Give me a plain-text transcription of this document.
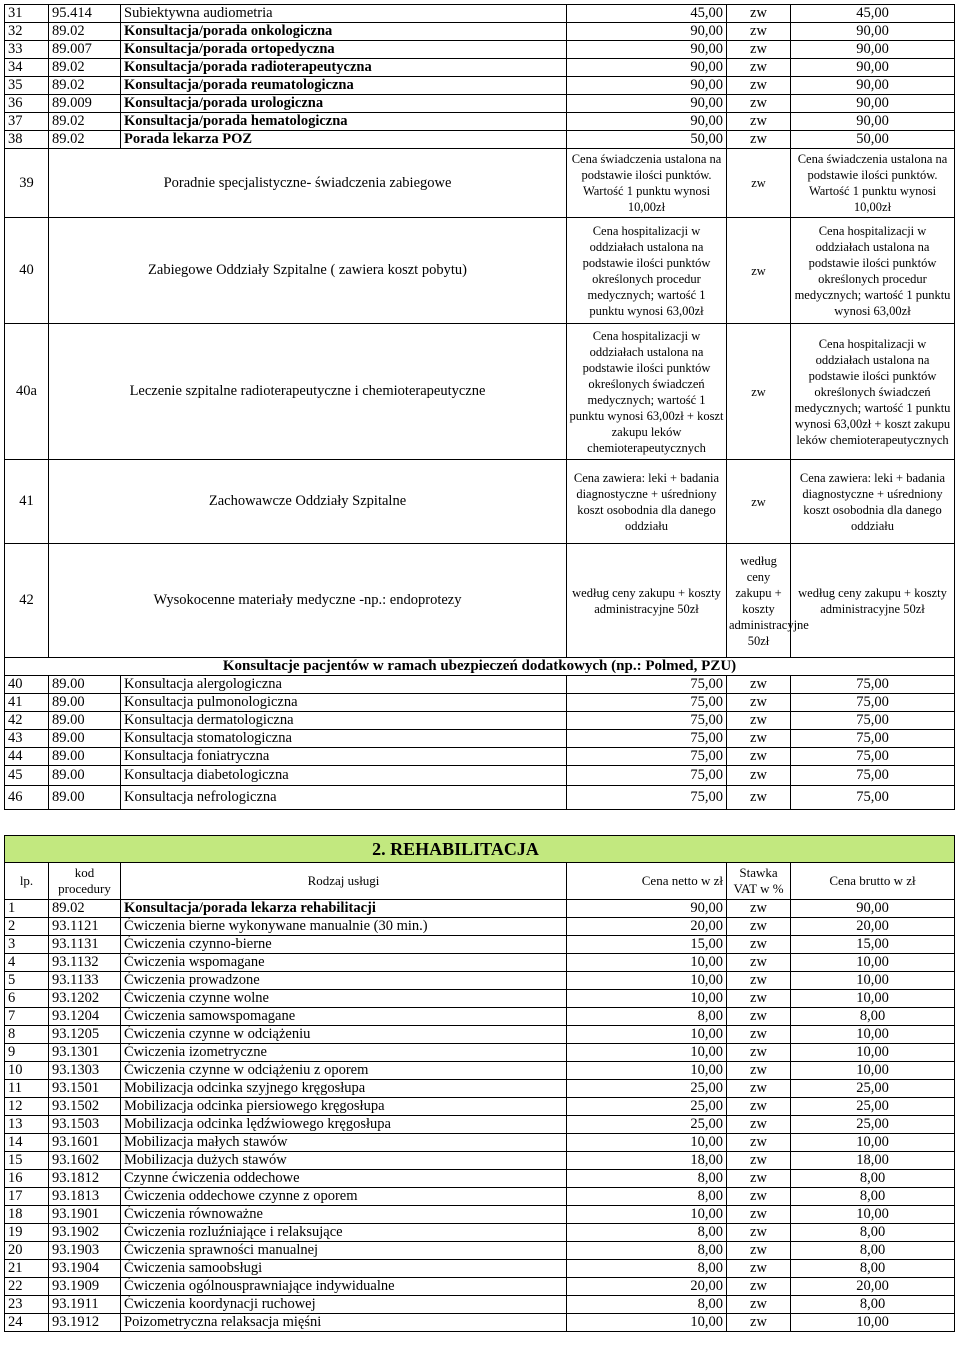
31	95.414	Subiektywna audiometria	45,00	zw	45,00
32	89.02	Konsultacja/porada onkologiczna	90,00	zw	90,00
33	89.007	Konsultacja/porada ortopedyczna	90,00	zw	90,00
34	89.02	Konsultacja/porada radioterapeutyczna	90,00	zw	90,00
35	89.02	Konsultacja/porada reumatologiczna	90,00	zw	90,00
36	89.009	Konsultacja/porada urologiczna	90,00	zw	90,00
37	89.02	Konsultacja/porada hematologiczna	90,00	zw	90,00
38	89.02	Porada lekarza POZ	50,00	zw	50,00
39	Poradnie specjalistyczne- świadczenia zabiegowe		Cena świadczenia ustalona na podstawie ilości punktów. Wartość 1 punktu wynosi 10,00zł	zw	Cena świadczenia ustalona na podstawie ilości punktów. Wartość 1 punktu wynosi 10,00zł
40	Zabiegowe Oddziały Szpitalne ( zawiera koszt pobytu)		Cena hospitalizacji w oddziałach ustalona na podstawie ilości punktów określonych procedur medycznych; wartość 1 punktu wynosi 63,00zł	zw	Cena hospitalizacji w oddziałach ustalona na podstawie ilości punktów określonych procedur medycznych; wartość 1 punktu wynosi 63,00zł
40a	Leczenie szpitalne radioterapeutyczne i chemioterapeutyczne		Cena hospitalizacji w oddziałach ustalona na podstawie ilości punktów określonych świadczeń medycznych; wartość 1 punktu wynosi 63,00zł + koszt zakupu leków chemioterapeutycznych	zw	Cena hospitalizacji w oddziałach ustalona na podstawie ilości punktów określonych świadczeń medycznych; wartość 1 punktu wynosi 63,00zł + koszt zakupu leków chemioterapeutycznych
41	Zachowawcze Oddziały Szpitalne		Cena zawiera: leki + badania diagnostyczne + uśredniony koszt osobodnia dla danego oddziału	zw	Cena zawiera: leki + badania diagnostyczne + uśredniony koszt osobodnia dla danego oddziału
42	Wysokocenne materiały medyczne -np.: endoprotezy		według ceny zakupu + koszty administracyjne 50zł	według ceny zakupu + koszty administracyjne 50zł	według ceny zakupu + koszty administracyjne 50zł
Konsultacje pacjentów w ramach ubezpieczeń dodatkowych (np.: Polmed, PZU)					
40	89.00	Konsultacja alergologiczna	75,00	zw	75,00
41	89.00	Konsultacja pulmonologiczna	75,00	zw	75,00
42	89.00	Konsultacja dermatologiczna	75,00	zw	75,00
43	89.00	Konsultacja stomatologiczna	75,00	zw	75,00
44	89.00	Konsultacja foniatryczna	75,00	zw	75,00
45	89.00	Konsultacja diabetologiczna	75,00	zw	75,00
46	89.00	Konsultacja nefrologiczna	75,00	zw	75,00

		2. REHABILITACJA			
lp.	kod procedury	Rodzaj usługi	Cena netto w zł	Stawka VAT w %	Cena brutto w zł
1	89.02	Konsultacja/porada lekarza rehabilitacji	90,00	zw	90,00
2	93.1121	Ćwiczenia bierne wykonywane manualnie (30 min.)	20,00	zw	20,00
3	93.1131	Ćwiczenia czynno-bierne	15,00	zw	15,00
4	93.1132	Ćwiczenia wspomagane	10,00	zw	10,00
5	93.1133	Ćwiczenia prowadzone	10,00	zw	10,00
6	93.1202	Ćwiczenia czynne wolne	10,00	zw	10,00
7	93.1204	Ćwiczenia samowspomagane	8,00	zw	8,00
8	93.1205	Ćwiczenia czynne w odciążeniu	10,00	zw	10,00
9	93.1301	Ćwiczenia izometryczne	10,00	zw	10,00
10	93.1303	Ćwiczenia czynne w odciążeniu z oporem	10,00	zw	10,00
11	93.1501	Mobilizacja odcinka szyjnego kręgosłupa	25,00	zw	25,00
12	93.1502	Mobilizacja odcinka piersiowego kręgosłupa	25,00	zw	25,00
13	93.1503	Mobilizacja odcinka lędźwiowego kręgosłupa	25,00	zw	25,00
14	93.1601	Mobilizacja małych stawów	10,00	zw	10,00
15	93.1602	Mobilizacja dużych stawów	18,00	zw	18,00
16	93.1812	Czynne ćwiczenia oddechowe	8,00	zw	8,00
17	93.1813	Ćwiczenia oddechowe czynne z oporem	8,00	zw	8,00
18	93.1901	Ćwiczenia równoważne	10,00	zw	10,00
19	93.1902	Ćwiczenia rozluźniające i relaksujące	8,00	zw	8,00
20	93.1903	Ćwiczenia sprawności manualnej	8,00	zw	8,00
21	93.1904	Ćwiczenia samoobsługi	8,00	zw	8,00
22	93.1909	Ćwiczenia ogólnousprawniające indywidualne	20,00	zw	20,00
23	93.1911	Ćwiczenia koordynacji ruchowej	8,00	zw	8,00
24	93.1912	Poizometryczna relaksacja mięśni	10,00	zw	10,00
